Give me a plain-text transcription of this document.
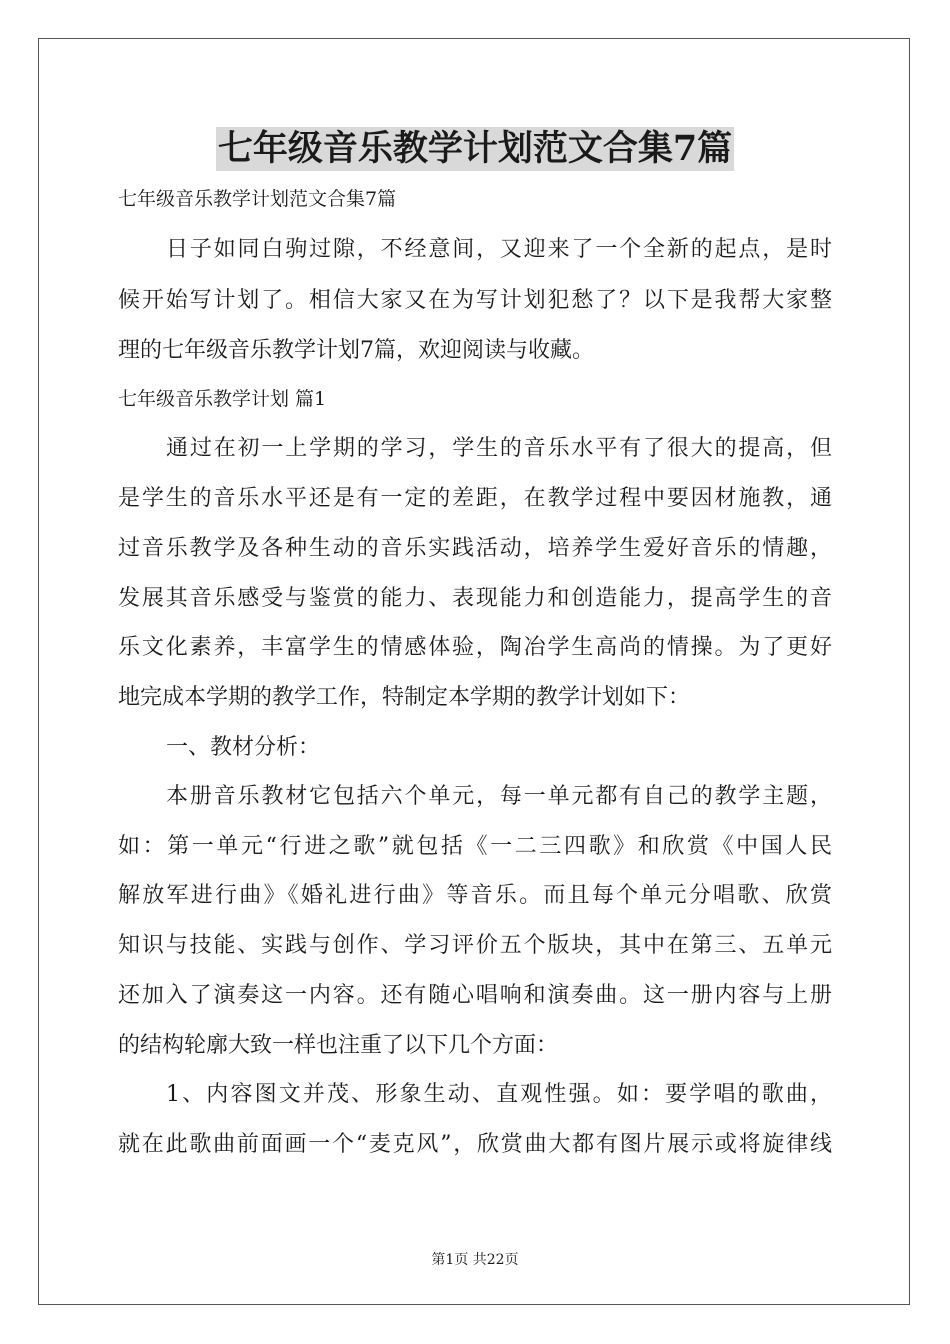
七年级音乐教学计划范文合集7篇
七年级音乐教学计划范文合集7篇
日子如同白驹过隙，不经意间，又迎来了一个全新的起点，是时
候开始写计划了。相信大家又在为写计划犯愁了？以下是我帮大家整
理的七年级音乐教学计划7篇，欢迎阅读与收藏。
七年级音乐教学计划 篇1
通过在初一上学期的学习，学生的音乐水平有了很大的提高，但
是学生的音乐水平还是有一定的差距，在教学过程中要因材施教，通
过音乐教学及各种生动的音乐实践活动，培养学生爱好音乐的情趣，
发展其音乐感受与鉴赏的能力、表现能力和创造能力，提高学生的音
乐文化素养，丰富学生的情感体验，陶冶学生高尚的情操。为了更好
地完成本学期的教学工作，特制定本学期的教学计划如下：
一、教材分析：
本册音乐教材它包括六个单元，每一单元都有自己的教学主题，
如：第一单元“行进之歌”就包括《一二三四歌》和欣赏《中国人民
解放军进行曲》《婚礼进行曲》等音乐。而且每个单元分唱歌、欣赏
知识与技能、实践与创作、学习评价五个版块，其中在第三、五单元
还加入了演奏这一内容。还有随心唱响和演奏曲。这一册内容与上册
的结构轮廓大致一样也注重了以下几个方面：
1、内容图文并茂、形象生动、直观性强。如：要学唱的歌曲，
就在此歌曲前面画一个“麦克风”，欣赏曲大都有图片展示或将旋律线
第1页 共22页
